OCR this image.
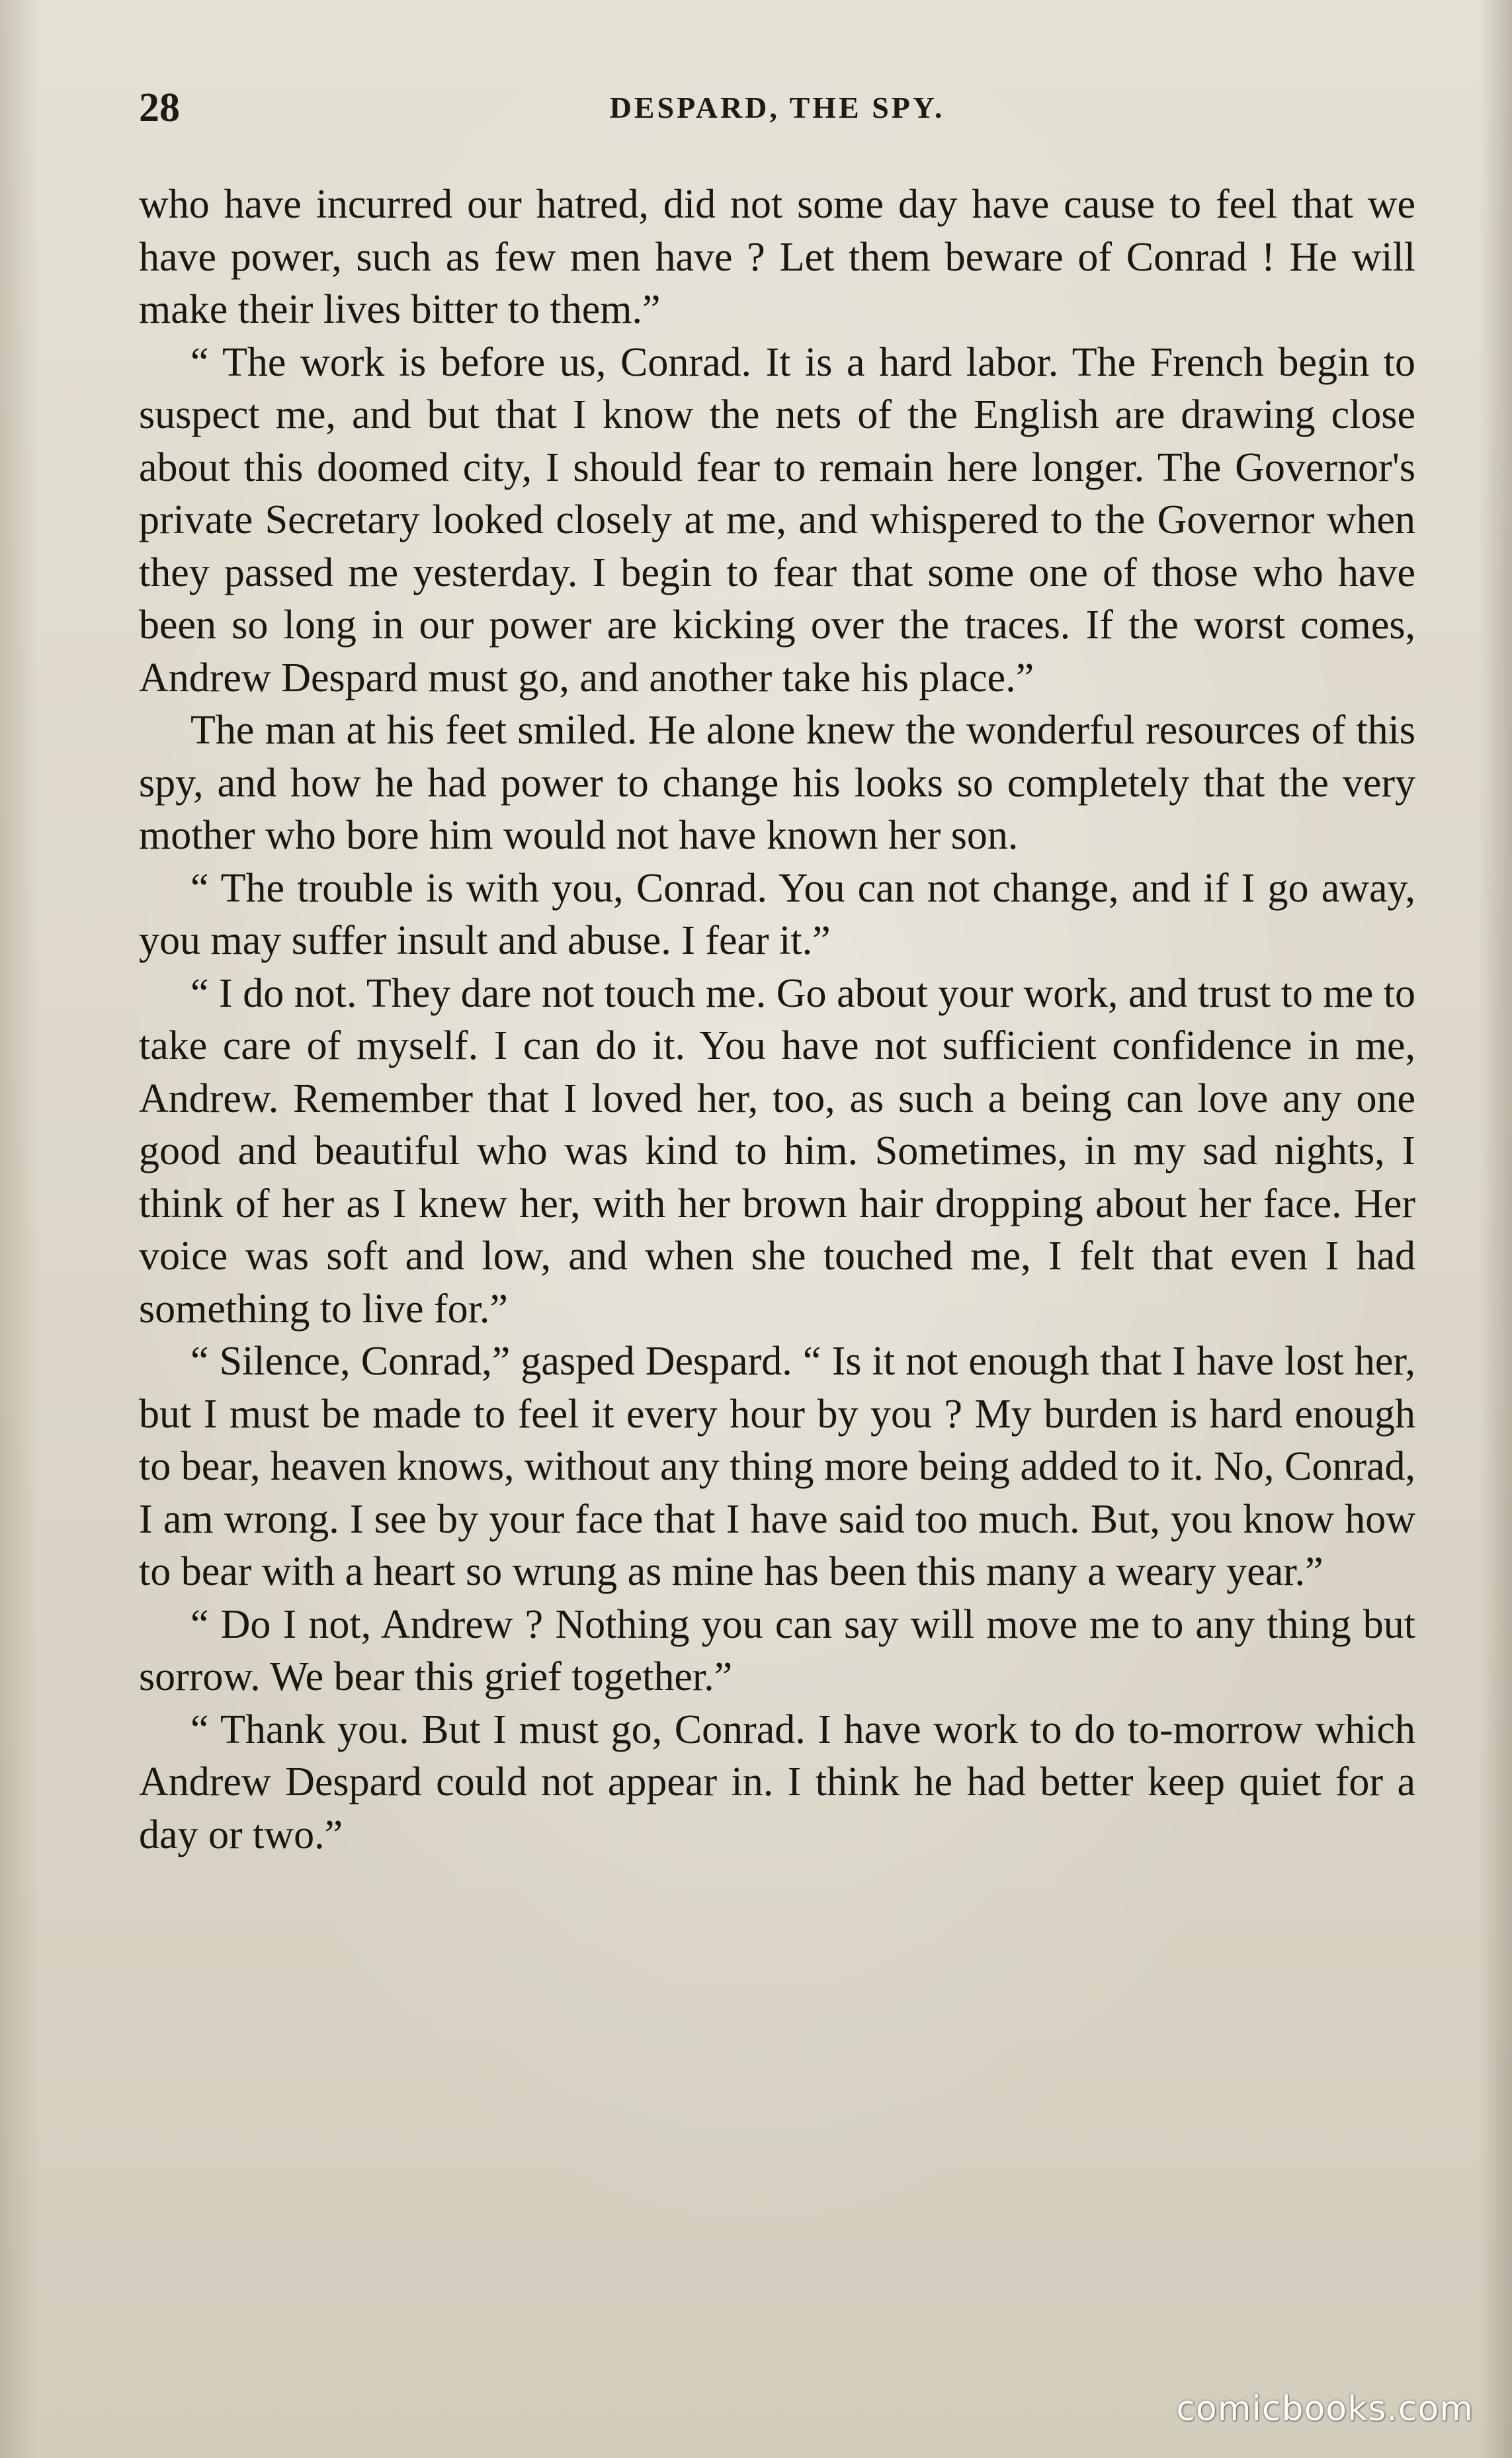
28	DESPARD, THE SPY.

who have incurred our hatred, did not some day have cause to feel that we have power, such as few men have ? Let them beware of Conrad ! He will make their lives bitter to them.”

“ The work is before us, Conrad. It is a hard labor. The French begin to suspect me, and but that I know the nets of the English are drawing close about this doomed city, I should fear to remain here longer. The Governor's private Secretary looked closely at me, and whispered to the Governor when they passed me yesterday. I begin to fear that some one of those who have been so long in our power are kicking over the traces. If the worst comes, Andrew Despard must go, and another take his place.”

The man at his feet smiled. He alone knew the wonderful resources of this spy, and how he had power to change his looks so completely that the very mother who bore him would not have known her son.

“ The trouble is with you, Conrad. You can not change, and if I go away, you may suffer insult and abuse. I fear it.”

“ I do not. They dare not touch me. Go about your work, and trust to me to take care of myself. I can do it. You have not sufficient confidence in me, Andrew. Remember that I loved her, too, as such a being can love any one good and beautiful who was kind to him. Sometimes, in my sad nights, I think of her as I knew her, with her brown hair dropping about her face. Her voice was soft and low, and when she touched me, I felt that even I had something to live for.”

“ Silence, Conrad,” gasped Despard. “ Is it not enough that I have lost her, but I must be made to feel it every hour by you ? My burden is hard enough to bear, heaven knows, without any thing more being added to it. No, Conrad, I am wrong. I see by your face that I have said too much. But, you know how to bear with a heart so wrung as mine has been this many a weary year.”

“ Do I not, Andrew ? Nothing you can say will move me to any thing but sorrow. We bear this grief together.”

“ Thank you. But I must go, Conrad. I have work to do to-morrow which Andrew Despard could not appear in. I think he had better keep quiet for a day or two.”

comicbooks.com
